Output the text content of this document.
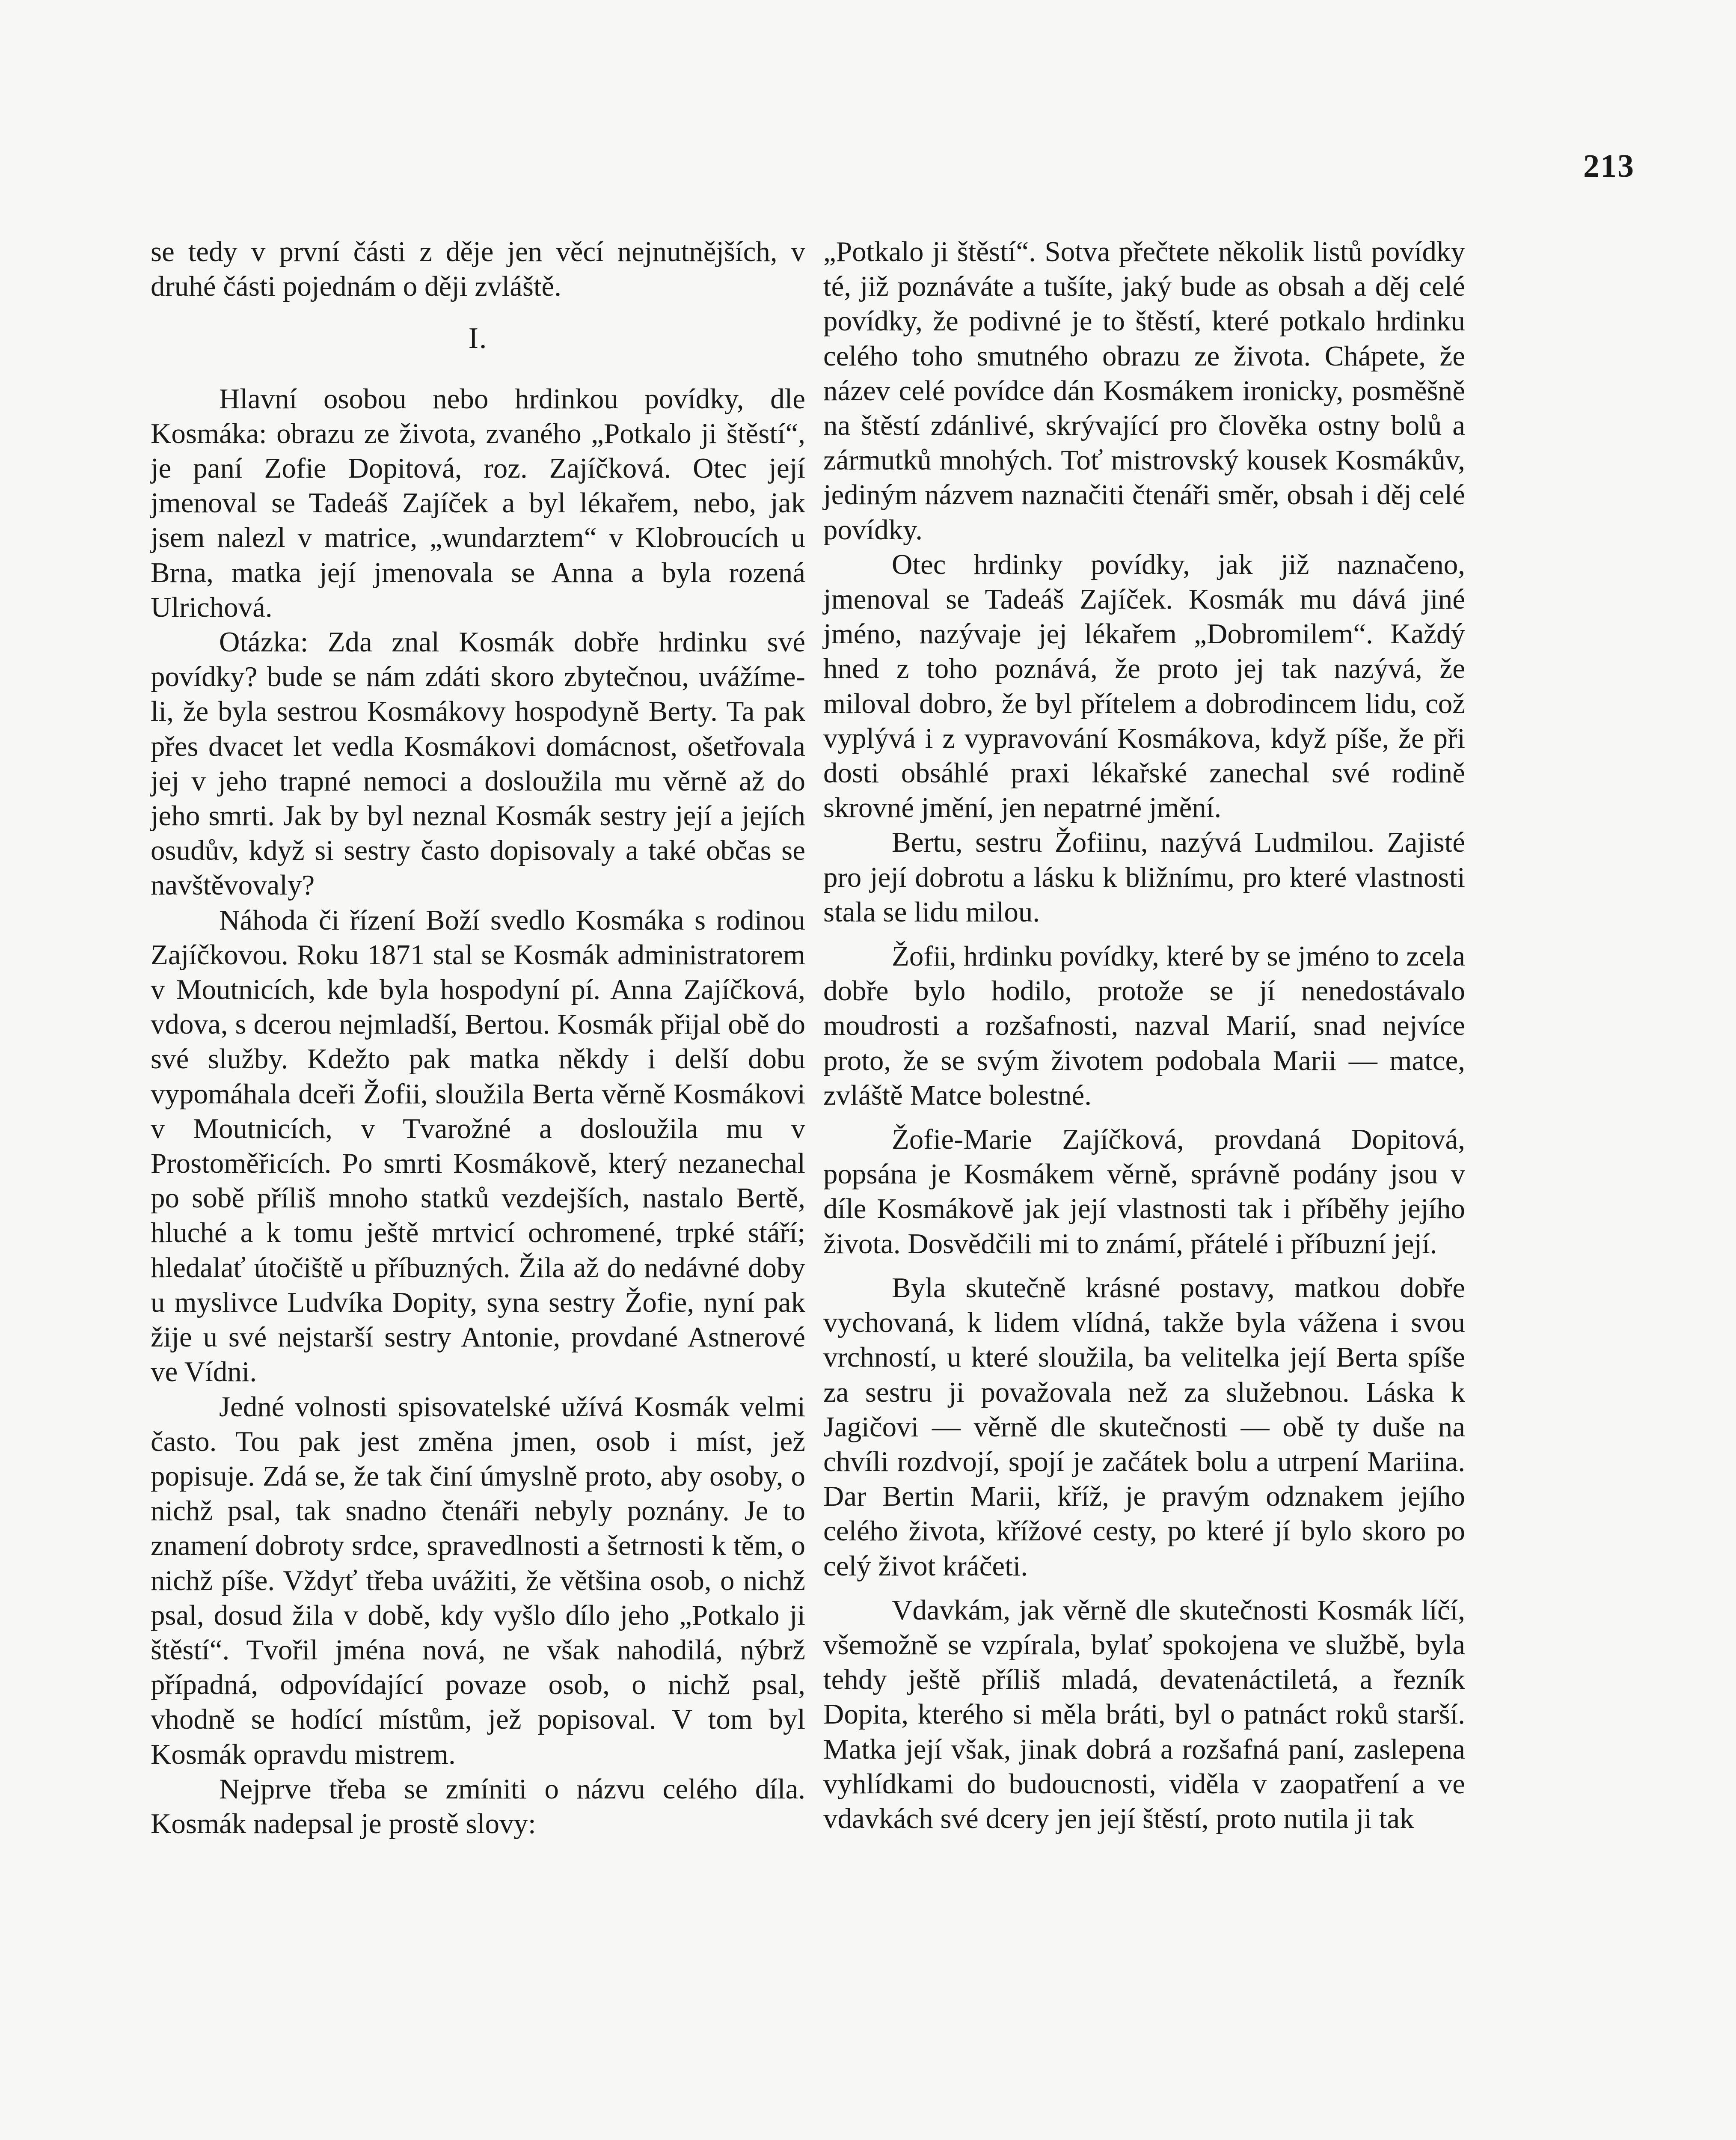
213

se tedy v první části z děje jen věcí nejnutnějších, v druhé části pojednám o ději zvláště.

I.

Hlavní osobou nebo hrdinkou povídky, dle Kosmáka: obrazu ze života, zvaného „Potkalo ji štěstí“, je paní Zofie Dopitová, roz. Zajíčková. Otec její jmenoval se Tadeáš Zajíček a byl lékařem, nebo, jak jsem nalezl v matrice, „wundarztem“ v Klobroucích u Brna, matka její jmenovala se Anna a byla rozená Ulrichová.

Otázka: Zda znal Kosmák dobře hrdinku své povídky? bude se nám zdáti skoro zbytečnou, uvážíme-li, že byla sestrou Kosmákovy hospodyně Berty. Ta pak přes dvacet let vedla Kosmákovi domácnost, ošetřovala jej v jeho trapné nemoci a dosloužila mu věrně až do jeho smrti. Jak by byl neznal Kosmák sestry její a jejích osudův, když si sestry často dopisovaly a také občas se navštěvovaly?

Náhoda či řízení Boží svedlo Kosmáka s rodinou Zajíčkovou. Roku 1871 stal se Kosmák administratorem v Moutnicích, kde byla hospodyní pí. Anna Zajíčková, vdova, s dcerou nejmladší, Bertou. Kosmák přijal obě do své služby. Kdežto pak matka někdy i delší dobu vypomáhala dceři Žofii, sloužila Berta věrně Kosmákovi v Moutnicích, v Tvarožné a dosloužila mu v Prostoměřicích. Po smrti Kosmákově, který nezanechal po sobě příliš mnoho statků vezdejších, nastalo Bertě, hluché a k tomu ještě mrtvicí ochromené, trpké stáří; hledalať útočiště u příbuzných. Žila až do nedávné doby u myslivce Ludvíka Dopity, syna sestry Žofie, nyní pak žije u své nejstarší sestry Antonie, provdané Astnerové ve Vídni.

Jedné volnosti spisovatelské užívá Kosmák velmi často. Tou pak jest změna jmen, osob i míst, jež popisuje. Zdá se, že tak činí úmyslně proto, aby osoby, o nichž psal, tak snadno čtenáři nebyly poznány. Je to znamení dobroty srdce, spravedlnosti a šetrnosti k těm, o nichž píše. Vždyť třeba uvážiti, že většina osob, o nichž psal, dosud žila v době, kdy vyšlo dílo jeho „Potkalo ji štěstí“. Tvořil jména nová, ne však nahodilá, nýbrž případná, odpovídající povaze osob, o nichž psal, vhodně se hodící místům, jež popisoval. V tom byl Kosmák opravdu mistrem.

Nejprve třeba se zmíniti o názvu celého díla. Kosmák nadepsal je prostě slovy:

„Potkalo ji štěstí“. Sotva přečtete několik listů povídky té, již poznáváte a tušíte, jaký bude as obsah a děj celé povídky, že podivné je to štěstí, které potkalo hrdinku celého toho smutného obrazu ze života. Chápete, že název celé povídce dán Kosmákem ironicky, posměšně na štěstí zdánlivé, skrývající pro člověka ostny bolů a zármutků mnohých. Toť mistrovský kousek Kosmákův, jediným názvem naznačiti čtenáři směr, obsah i děj celé povídky.

Otec hrdinky povídky, jak již naznačeno, jmenoval se Tadeáš Zajíček. Kosmák mu dává jiné jméno, nazývaje jej lékařem „Dobromilem“. Každý hned z toho poznává, že proto jej tak nazývá, že miloval dobro, že byl přítelem a dobrodincem lidu, což vyplývá i z vypravování Kosmákova, když píše, že při dosti obsáhlé praxi lékařské zanechal své rodině skrovné jmění, jen nepatrné jmění.

Bertu, sestru Žofiinu, nazývá Ludmilou. Zajisté pro její dobrotu a lásku k bližnímu, pro které vlastnosti stala se lidu milou.

Žofii, hrdinku povídky, které by se jméno to zcela dobře bylo hodilo, protože se jí nenedostávalo moudrosti a rozšafnosti, nazval Marií, snad nejvíce proto, že se svým životem podobala Marii — matce, zvláště Matce bolestné.

Žofie-Marie Zajíčková, provdaná Dopitová, popsána je Kosmákem věrně, správně podány jsou v díle Kosmákově jak její vlastnosti tak i příběhy jejího života. Dosvědčili mi to známí, přátelé i příbuzní její.

Byla skutečně krásné postavy, matkou dobře vychovaná, k lidem vlídná, takže byla vážena i svou vrchností, u které sloužila, ba velitelka její Berta spíše za sestru ji považovala než za služebnou. Láska k Jagičovi — věrně dle skutečnosti — obě ty duše na chvíli rozdvojí, spojí je začátek bolu a utrpení Mariina. Dar Bertin Marii, kříž, je pravým odznakem jejího celého života, křížové cesty, po které jí bylo skoro po celý život kráčeti.

Vdavkám, jak věrně dle skutečnosti Kosmák líčí, všemožně se vzpírala, bylať spokojena ve službě, byla tehdy ještě příliš mladá, devatenáctiletá, a řezník Dopita, kterého si měla bráti, byl o patnáct roků starší. Matka její však, jinak dobrá a rozšafná paní, zaslepena vyhlídkami do budoucnosti, viděla v zaopatření a ve vdavkách své dcery jen její štěstí, proto nutila ji tak
